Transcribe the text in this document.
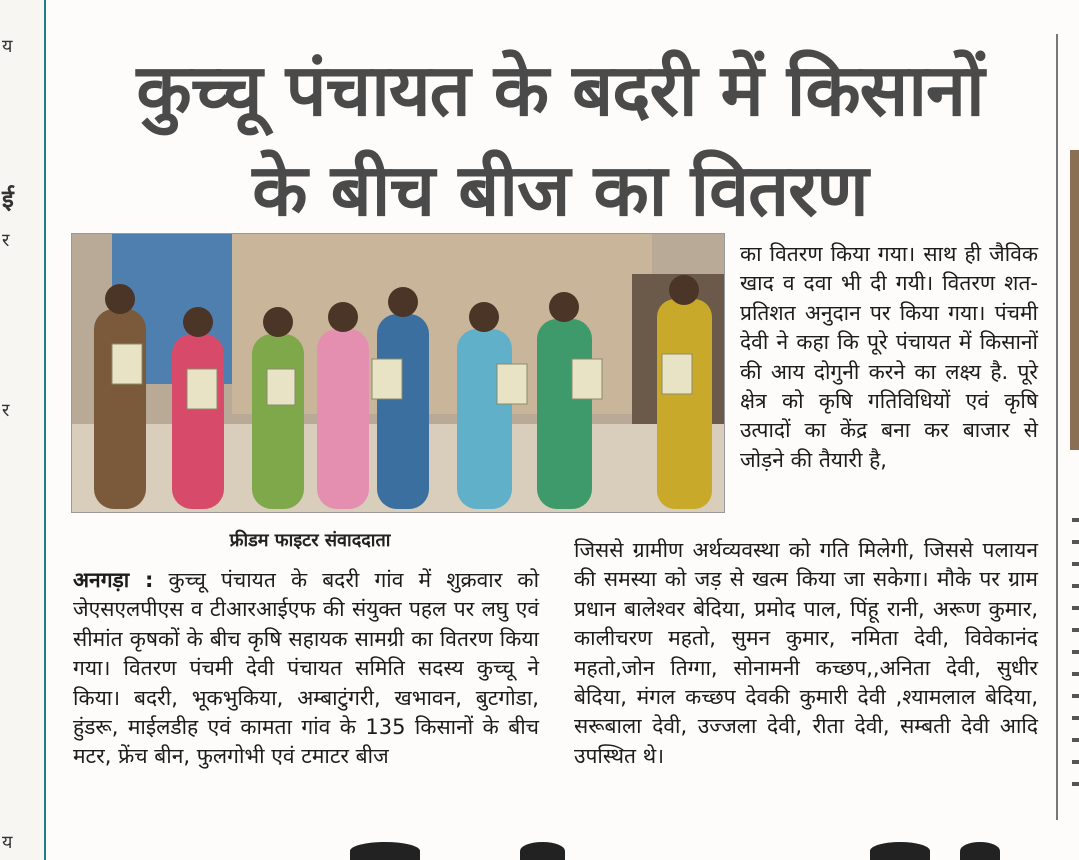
य
ई
र
र
य
कुच्चू पंचायत के बदरी में किसानों
के बीच बीज का वितरण
फ्रीडम फाइटर संवाददाता

अनगड़ा : कुच्चू पंचायत के बदरी गांव में शुक्रवार को जेएसएलपीएस व टीआरआईएफ की संयुक्त पहल पर लघु एवं सीमांत कृषकों के बीच कृषि सहायक सामग्री का वितरण किया गया। वितरण पंचमी देवी पंचायत समिति सदस्य कुच्चू ने किया। बदरी, भूकभुकिया, अम्बाटुंगरी, खभावन, बुटगोडा, हुंडरू, माईलडीह एवं कामता गांव के 135 किसानों के बीच मटर, फ्रेंच बीन, फुलगोभी एवं टमाटर बीज

का वितरण किया गया। साथ ही जैविक खाद व दवा भी दी गयी। वितरण शत-प्रतिशत अनुदान पर किया गया। पंचमी देवी ने कहा कि पूरे पंचायत में किसानों की आय दोगुनी करने का लक्ष्य है. पूरे क्षेत्र को कृषि गतिविधियों एवं कृषि उत्पादों का केंद्र बना कर बाजार से जोड़ने की तैयारी है,

जिससे ग्रामीण अर्थव्यवस्था को गति मिलेगी, जिससे पलायन की समस्या को जड़ से खत्म किया जा सकेगा। मौके पर ग्राम प्रधान बालेश्वर बेदिया, प्रमोद पाल, पिंहू रानी, अरूण कुमार, कालीचरण महतो, सुमन कुमार, नमिता देवी, विवेकानंद महतो,जोन तिग्गा, सोनामनी कच्छप,,अनिता देवी, सुधीर बेदिया, मंगल कच्छप देवकी कुमारी देवी ,श्यामलाल बेदिया, सरूबाला देवी, उज्जला देवी, रीता देवी, सम्बती देवी आदि उपस्थित थे।
